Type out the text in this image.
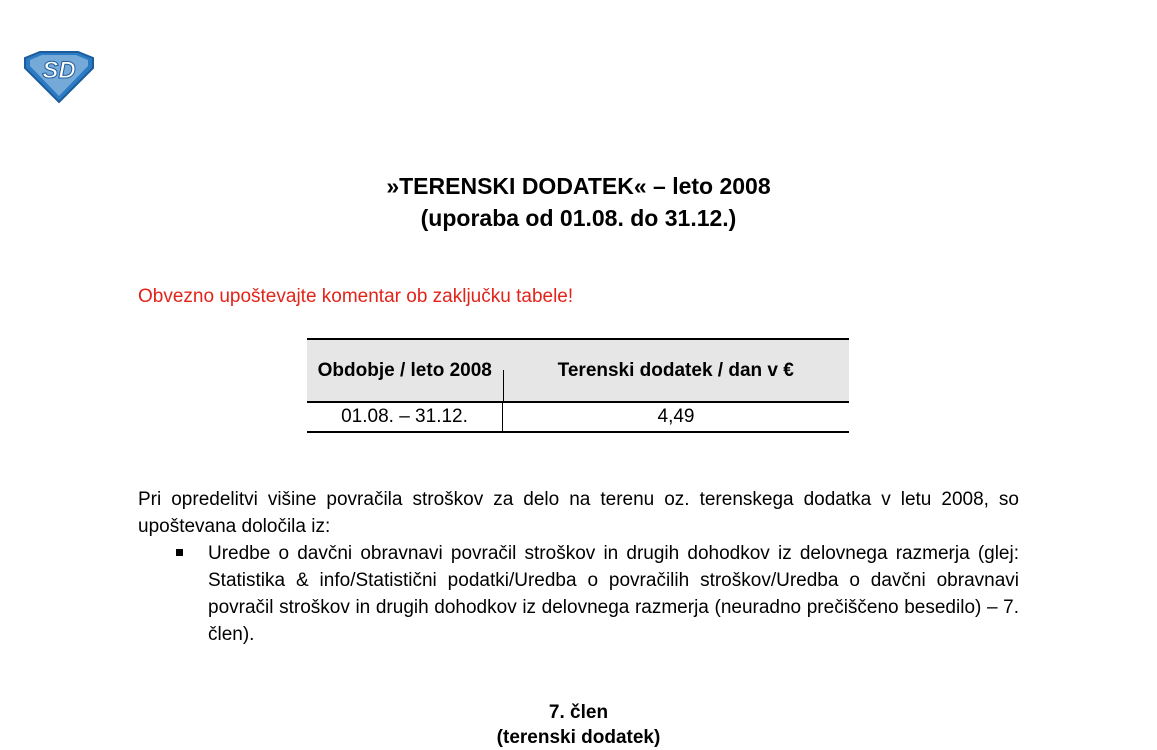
SD
»TERENSKI DODATEK« – leto 2008
(uporaba od 01.08. do 31.12.)
Obvezno upoštevajte komentar ob zaključku tabele!
Obdobje / leto 2008	Terenski dodatek / dan v €
01.08. – 31.12.	4,49

Pri opredelitvi višine povračila stroškov za delo na terenu oz. terenskega dodatka v letu 2008, so upoštevana določila iz:

Uredbe o davčni obravnavi povračil stroškov in drugih dohodkov iz delovnega razmerja (glej: Statistika & info/Statistični podatki/Uredba o povračilih stroškov/Uredba o davčni obravnavi povračil stroškov in drugih dohodkov iz delovnega razmerja (neuradno prečiščeno besedilo) – 7. člen).
7. člen
(terenski dodatek)
